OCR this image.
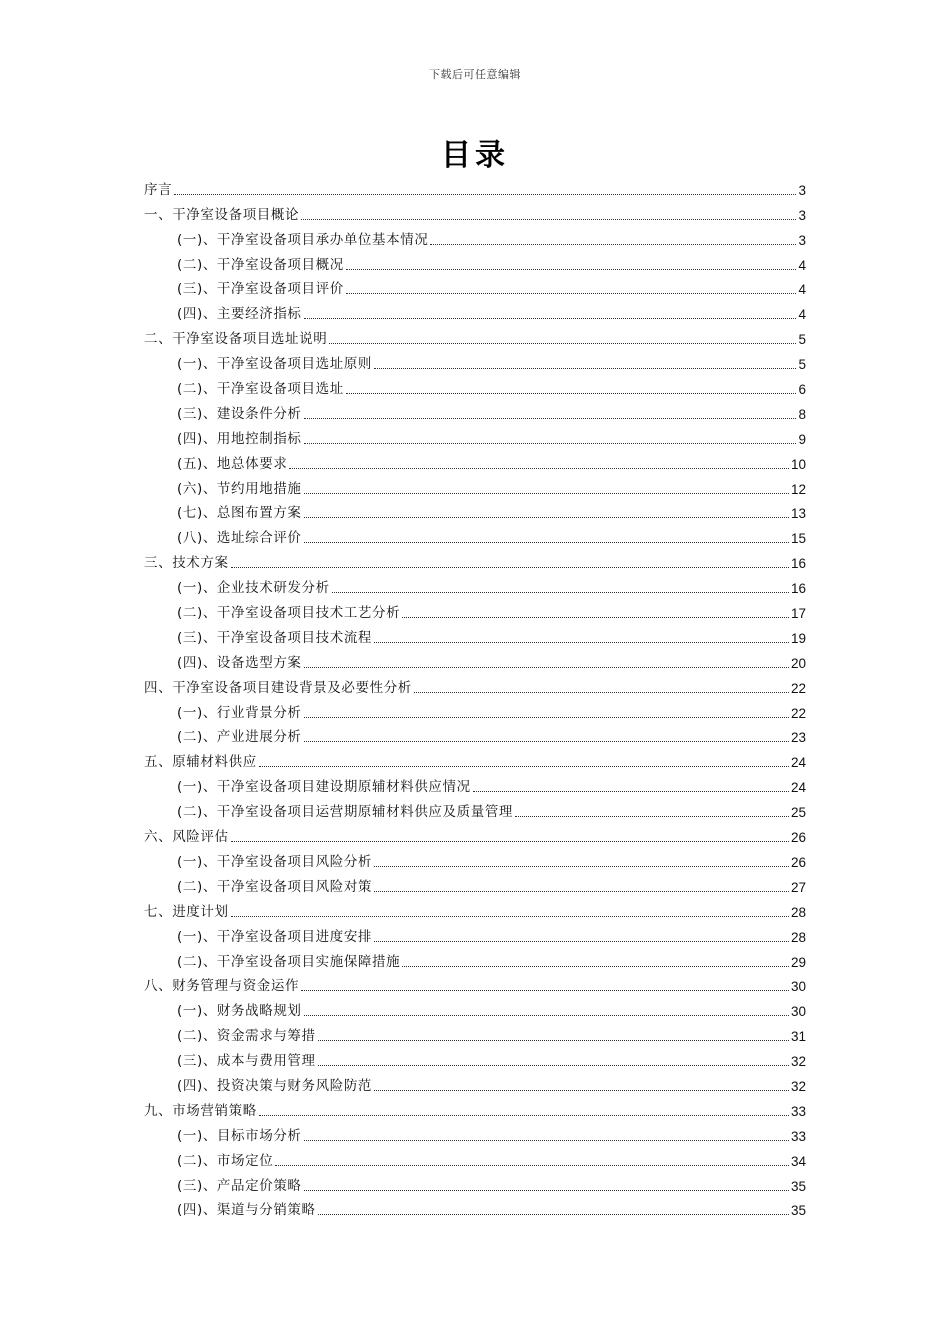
下载后可任意编辑
目录
序言	3
一、干净室设备项目概论	3
(一)、干净室设备项目承办单位基本情况	3
(二)、干净室设备项目概况	4
(三)、干净室设备项目评价	4
(四)、主要经济指标	4
二、干净室设备项目选址说明	5
(一)、干净室设备项目选址原则	5
(二)、干净室设备项目选址	6
(三)、建设条件分析	8
(四)、用地控制指标	9
(五)、地总体要求	10
(六)、节约用地措施	12
(七)、总图布置方案	13
(八)、选址综合评价	15
三、技术方案	16
(一)、企业技术研发分析	16
(二)、干净室设备项目技术工艺分析	17
(三)、干净室设备项目技术流程	19
(四)、设备选型方案	20
四、干净室设备项目建设背景及必要性分析	22
(一)、行业背景分析	22
(二)、产业进展分析	23
五、原辅材料供应	24
(一)、干净室设备项目建设期原辅材料供应情况	24
(二)、干净室设备项目运营期原辅材料供应及质量管理	25
六、风险评估	26
(一)、干净室设备项目风险分析	26
(二)、干净室设备项目风险对策	27
七、进度计划	28
(一)、干净室设备项目进度安排	28
(二)、干净室设备项目实施保障措施	29
八、财务管理与资金运作	30
(一)、财务战略规划	30
(二)、资金需求与筹措	31
(三)、成本与费用管理	32
(四)、投资决策与财务风险防范	32
九、市场营销策略	33
(一)、目标市场分析	33
(二)、市场定位	34
(三)、产品定价策略	35
(四)、渠道与分销策略	35
